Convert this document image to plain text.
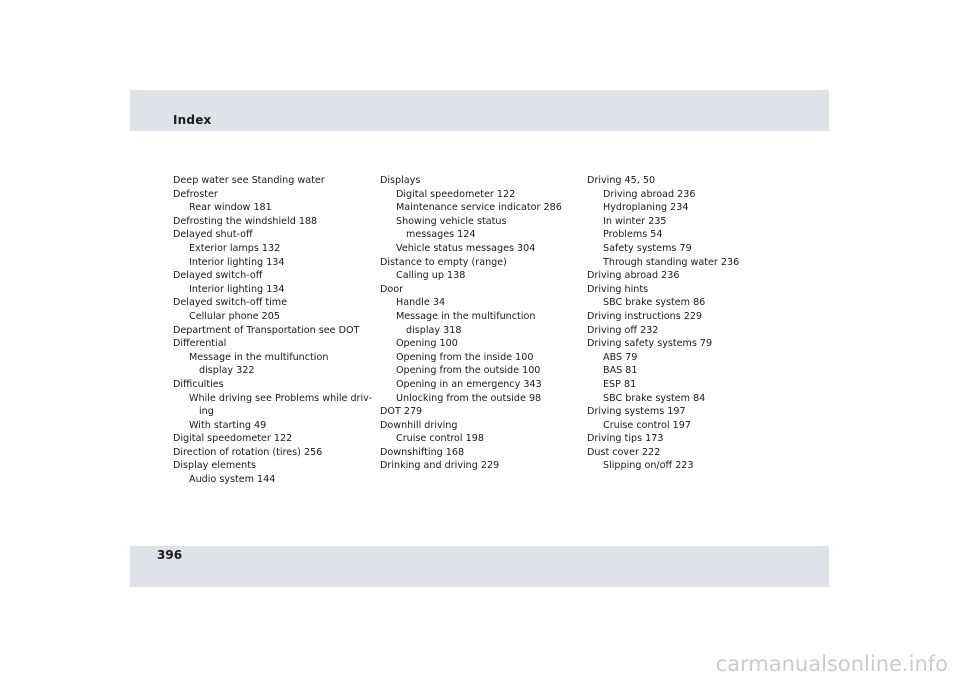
Index
Deep water see Standing water
Defroster
Rear window 181
Defrosting the windshield 188
Delayed shut-off
Exterior lamps 132
Interior lighting 134
Delayed switch-off
Interior lighting 134
Delayed switch-off time
Cellular phone 205
Department of Transportation see DOT
Differential
Message in the multifunction
display 322
Difficulties
While driving see Problems while driv-
ing
With starting 49
Digital speedometer 122
Direction of rotation (tires) 256
Display elements
Audio system 144
Displays
Digital speedometer 122
Maintenance service indicator 286
Showing vehicle status
messages 124
Vehicle status messages 304
Distance to empty (range)
Calling up 138
Door
Handle 34
Message in the multifunction
display 318
Opening 100
Opening from the inside 100
Opening from the outside 100
Opening in an emergency 343
Unlocking from the outside 98
DOT 279
Downhill driving
Cruise control 198
Downshifting 168
Drinking and driving 229
Driving 45, 50
Driving abroad 236
Hydroplaning 234
In winter 235
Problems 54
Safety systems 79
Through standing water 236
Driving abroad 236
Driving hints
SBC brake system 86
Driving instructions 229
Driving off 232
Driving safety systems 79
ABS 79
BAS 81
ESP 81
SBC brake system 84
Driving systems 197
Cruise control 197
Driving tips 173
Dust cover 222
Slipping on/off 223
396
carmanualsonline.info
